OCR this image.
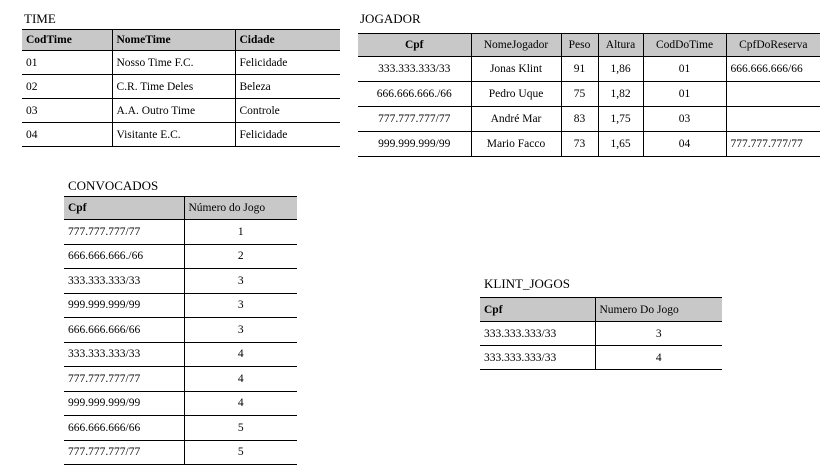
TIME
CodTime	NomeTime	Cidade
01	Nosso Time F.C.	Felicidade
02	C.R. Time Deles	Beleza
03	A.A. Outro Time	Controle
04	Visitante E.C.	Felicidade
JOGADOR
Cpf	NomeJogador	Peso	Altura	CodDoTime	CpfDoReserva
333.333.333/33	Jonas Klint	91	1,86	01	666.666.666/66
666.666.666./66	Pedro Uque	75	1,82	01	
777.777.777/77	André Mar	83	1,75	03	
999.999.999/99	Mario Facco	73	1,65	04	777.777.777/77
CONVOCADOS
Cpf	Número do Jogo
777.777.777/77	1
666.666.666./66	2
333.333.333/33	3
999.999.999/99	3
666.666.666/66	3
333.333.333/33	4
777.777.777/77	4
999.999.999/99	4
666.666.666/66	5
777.777.777/77	5
KLINT_JOGOS
Cpf	Numero Do Jogo
333.333.333/33	3
333.333.333/33	4
